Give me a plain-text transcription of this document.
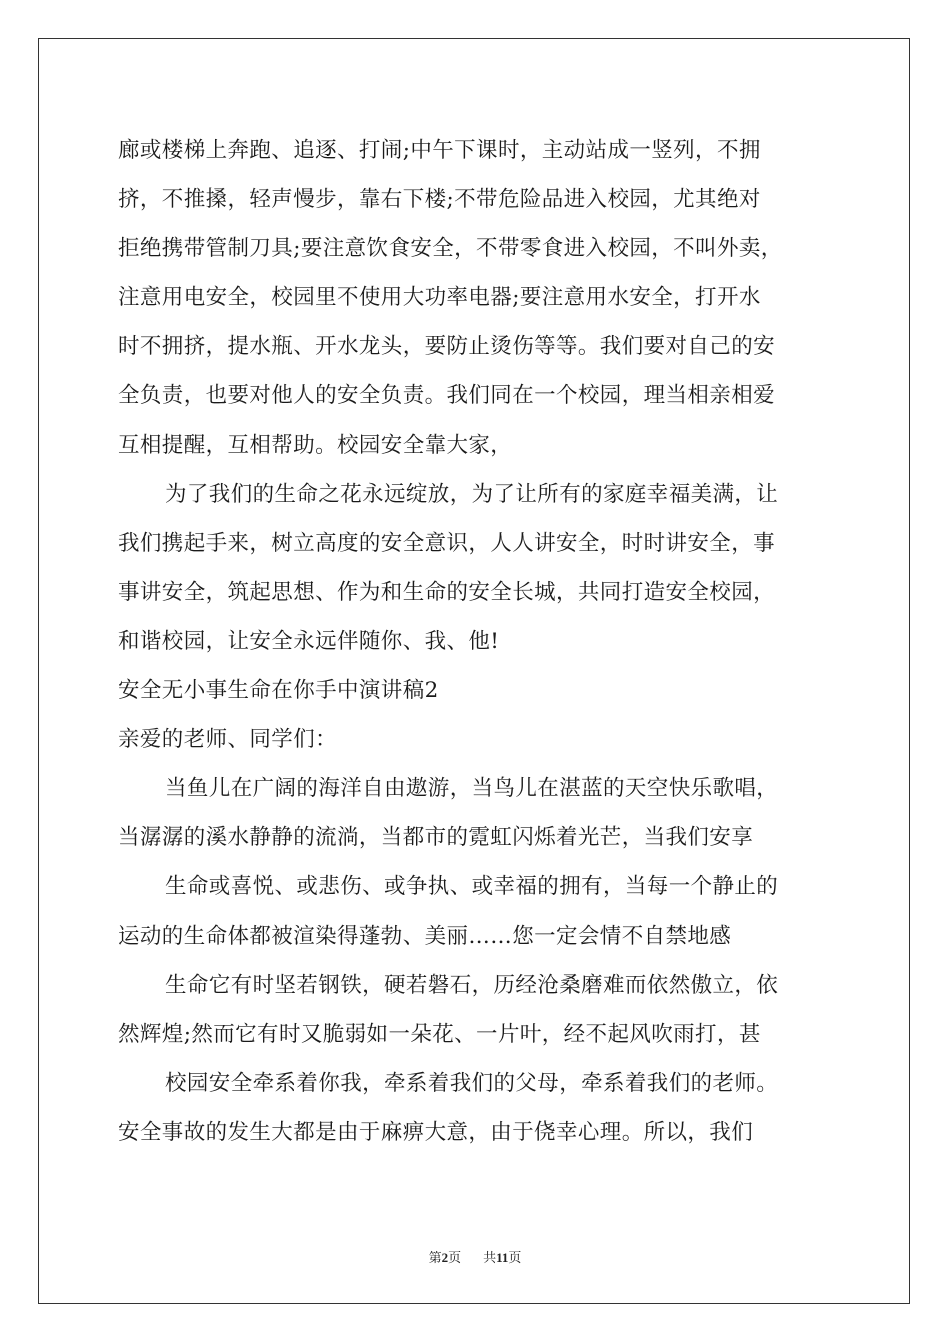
廊或楼梯上奔跑、追逐、打闹;中午下课时，主动站成一竖列，不拥
挤，不推搡，轻声慢步，靠右下楼;不带危险品进入校园，尤其绝对
拒绝携带管制刀具;要注意饮食安全，不带零食进入校园，不叫外卖，
注意用电安全，校园里不使用大功率电器;要注意用水安全，打开水
时不拥挤，提水瓶、开水龙头，要防止烫伤等等。我们要对自己的安
全负责，也要对他人的安全负责。我们同在一个校园，理当相亲相爱
互相提醒，互相帮助。校园安全靠大家，
为了我们的生命之花永远绽放，为了让所有的家庭幸福美满，让
我们携起手来，树立高度的安全意识，人人讲安全，时时讲安全，事
事讲安全，筑起思想、作为和生命的安全长城，共同打造安全校园，
和谐校园，让安全永远伴随你、我、他!
安全无小事生命在你手中演讲稿2
亲爱的老师、同学们：
当鱼儿在广阔的海洋自由遨游，当鸟儿在湛蓝的天空快乐歌唱，
当潺潺的溪水静静的流淌，当都市的霓虹闪烁着光芒，当我们安享
生命或喜悦、或悲伤、或争执、或幸福的拥有，当每一个静止的
运动的生命体都被渲染得蓬勃、美丽……您一定会情不自禁地感
生命它有时坚若钢铁，硬若磐石，历经沧桑磨难而依然傲立，依
然辉煌;然而它有时又脆弱如一朵花、一片叶，经不起风吹雨打，甚
校园安全牵系着你我，牵系着我们的父母，牵系着我们的老师。
安全事故的发生大都是由于麻痹大意，由于侥幸心理。所以，我们
第2页 共11页
